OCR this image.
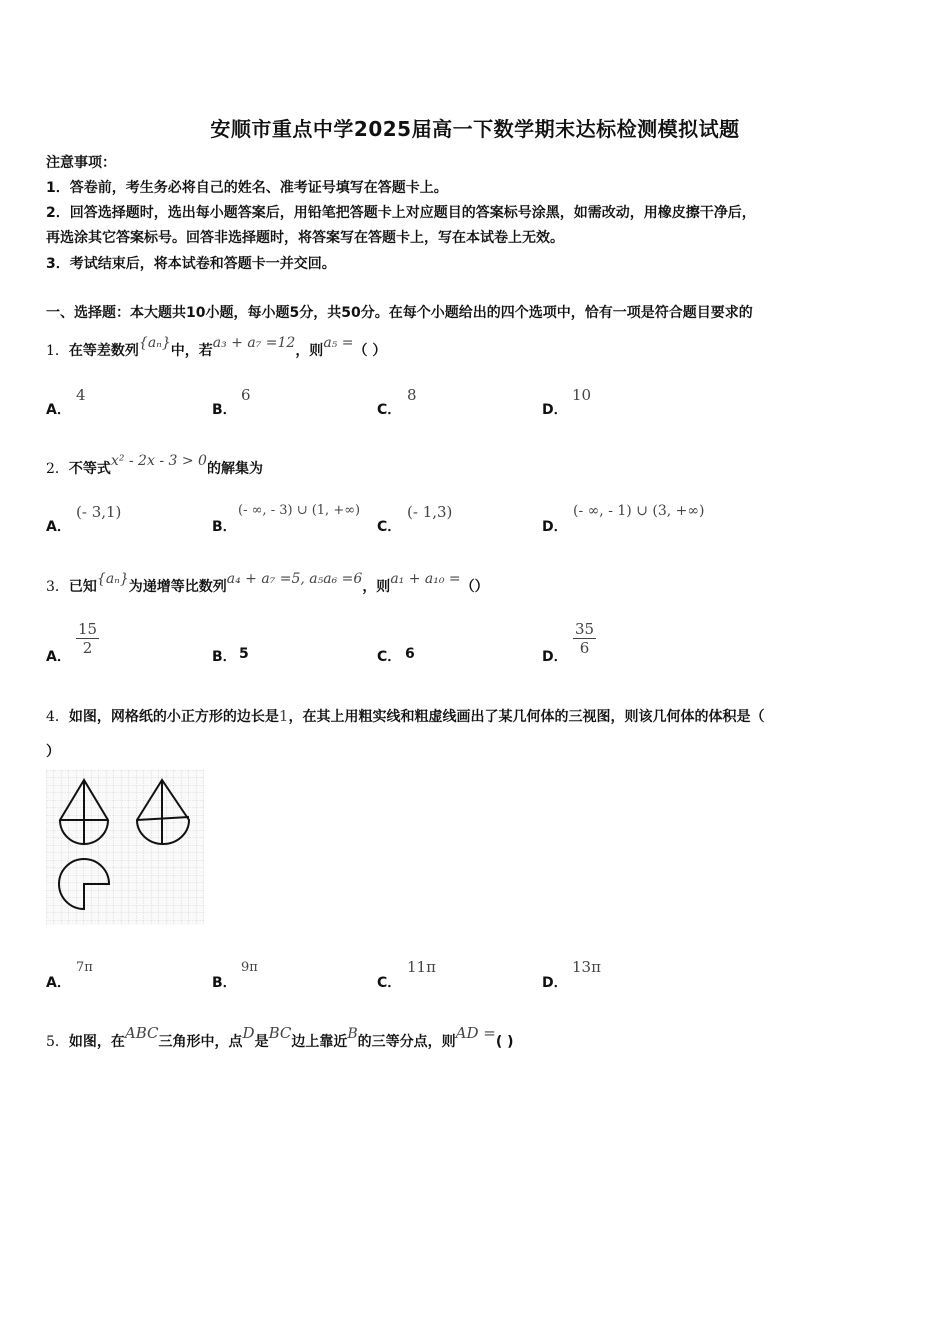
安顺市重点中学2025届高一下数学期末达标检测模拟试题
注意事项：
1．答卷前，考生务必将自己的姓名、准考证号填写在答题卡上。
2．回答选择题时，选出每小题答案后，用铅笔把答题卡上对应题目的答案标号涂黑，如需改动，用橡皮擦干净后，
再选涂其它答案标号。回答非选择题时，将答案写在答题卡上，写在本试卷上无效。
3．考试结束后，将本试卷和答题卡一并交回。
一、选择题：本大题共10小题，每小题5分，共50分。在每个小题给出的四个选项中，恰有一项是符合题目要求的
1．在等差数列{aₙ}中，若a₃ + a₇ =12，则a₅ =（ ）
A．
4
B．
6
C．
8
D．
10
2．不等式x² - 2x - 3 > 0的解集为
A．
(- 3,1)
B．
(- ∞, - 3) ∪ (1, +∞)
C．
(- 1,3)
D．
(- ∞, - 1) ∪ (3, +∞)
3．已知{aₙ}为递增等比数列a₄ + a₇ =5, a₅a₆ =6，则a₁ + a₁₀ =（）
A． $\frac{15}{2}$	B． 5	C． 6	D． $\frac{35}{6}$
4．如图，网格纸的小正方形的边长是1，在其上用粗实线和粗虚线画出了某几何体的三视图，则该几何体的体积是（
）
A．
7π
B．
9π
C．
11π
D．
13π
5．如图，在ABC三角形中，点D是BC边上靠近B的三等分点，则AD =( )
